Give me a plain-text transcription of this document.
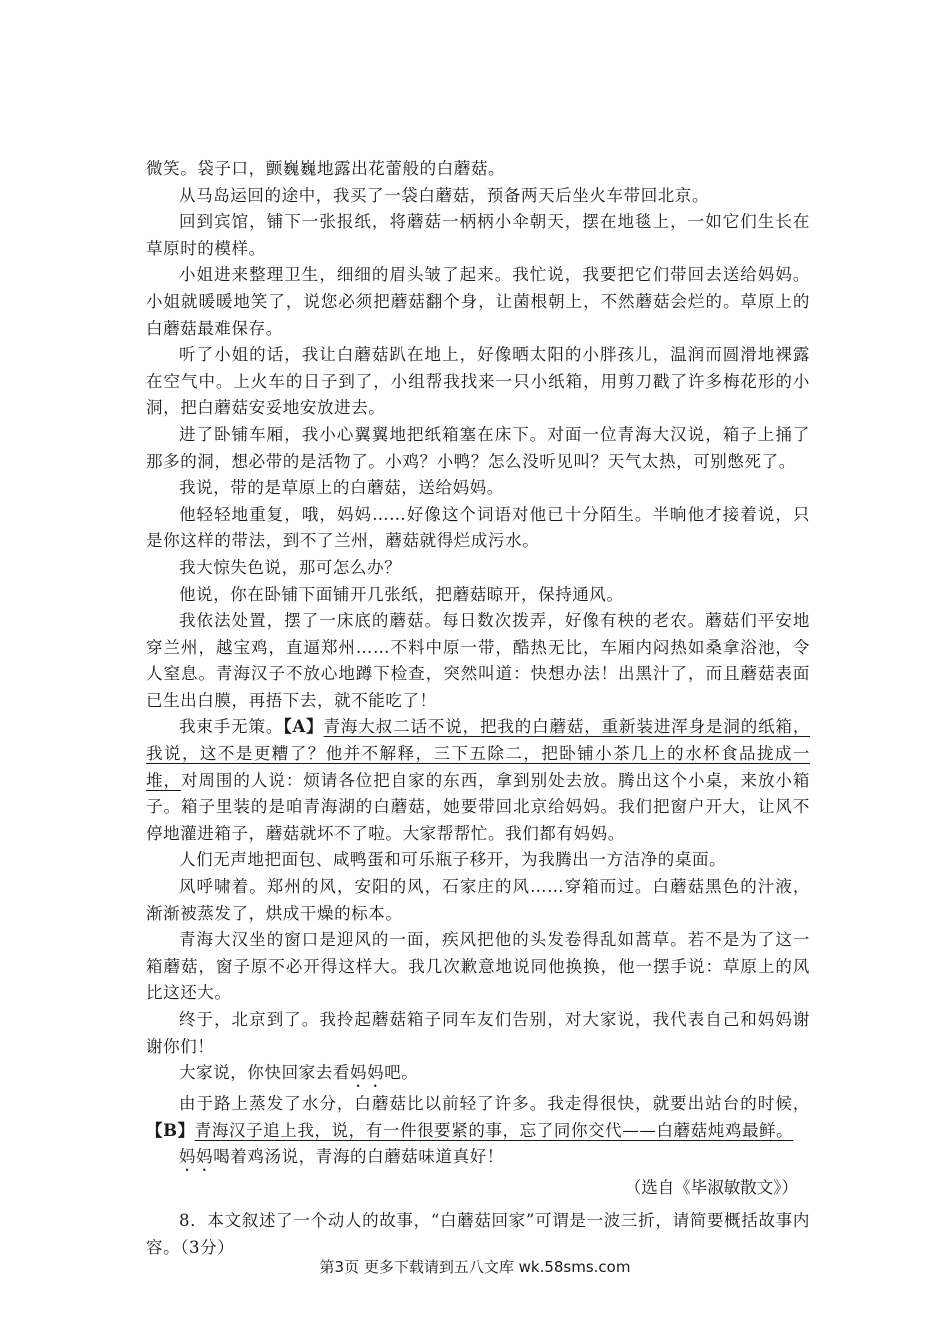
微笑。袋子口，颤巍巍地露出花蕾般的白蘑菇。

从马岛运回的途中，我买了一袋白蘑菇，预备两天后坐火车带回北京。

回到宾馆，铺下一张报纸，将蘑菇一柄柄小伞朝天，摆在地毯上，一如它们生长在草原时的模样。

小姐进来整理卫生，细细的眉头皱了起来。我忙说，我要把它们带回去送给妈妈。小姐就暖暖地笑了，说您必须把蘑菇翻个身，让菌根朝上，不然蘑菇会烂的。草原上的白蘑菇最难保存。

听了小姐的话，我让白蘑菇趴在地上，好像晒太阳的小胖孩儿，温润而圆滑地裸露在空气中。上火车的日子到了，小组帮我找来一只小纸箱，用剪刀戳了许多梅花形的小洞，把白蘑菇安妥地安放进去。

进了卧铺车厢，我小心翼翼地把纸箱塞在床下。对面一位青海大汉说，箱子上捅了那多的洞，想必带的是活物了。小鸡？小鸭？怎么没听见叫？天气太热，可别憋死了。

我说，带的是草原上的白蘑菇，送给妈妈。

他轻轻地重复，哦，妈妈……好像这个词语对他已十分陌生。半晌他才接着说，只是你这样的带法，到不了兰州，蘑菇就得烂成污水。

我大惊失色说，那可怎么办？

他说，你在卧铺下面铺开几张纸，把蘑菇晾开，保持通风。

我依法处置，摆了一床底的蘑菇。每日数次拨弄，好像有秧的老农。蘑菇们平安地穿兰州，越宝鸡，直逼郑州……不料中原一带，酷热无比，车厢内闷热如桑拿浴池，令人窒息。青海汉子不放心地蹲下检查，突然叫道：快想办法！出黑汁了，而且蘑菇表面已生出白膜，再捂下去，就不能吃了！

我束手无策。【A】青海大叔二话不说，把我的白蘑菇，重新装进浑身是洞的纸箱，我说，这不是更糟了？他并不解释，三下五除二，把卧铺小茶几上的水杯食品拢成一堆，对周围的人说：烦请各位把自家的东西，拿到别处去放。腾出这个小桌，来放小箱子。箱子里装的是咱青海湖的白蘑菇，她要带回北京给妈妈。我们把窗户开大，让风不停地灌进箱子，蘑菇就坏不了啦。大家帮帮忙。我们都有妈妈。

人们无声地把面包、咸鸭蛋和可乐瓶子移开，为我腾出一方洁净的桌面。

风呼啸着。郑州的风，安阳的风，石家庄的风……穿箱而过。白蘑菇黑色的汁液，渐渐被蒸发了，烘成干燥的标本。

青海大汉坐的窗口是迎风的一面，疾风把他的头发卷得乱如蒿草。若不是为了这一箱蘑菇，窗子原不必开得这样大。我几次歉意地说同他换换，他一摆手说：草原上的风比这还大。

终于，北京到了。我拎起蘑菇箱子同车友们告别，对大家说，我代表自己和妈妈谢谢你们！

大家说，你快回家去看妈妈吧。

由于路上蒸发了水分，白蘑菇比以前轻了许多。我走得很快，就要出站台的时候，【B】青海汉子追上我，说，有一件很要紧的事，忘了同你交代——白蘑菇炖鸡最鲜。

妈妈喝着鸡汤说，青海的白蘑菇味道真好！

（选自《毕淑敏散文》）

8．本文叙述了一个动人的故事，“白蘑菇回家”可谓是一波三折，请简要概括故事内容。（3分）

第3页 更多下载请到五八文库 wk.58sms.com
